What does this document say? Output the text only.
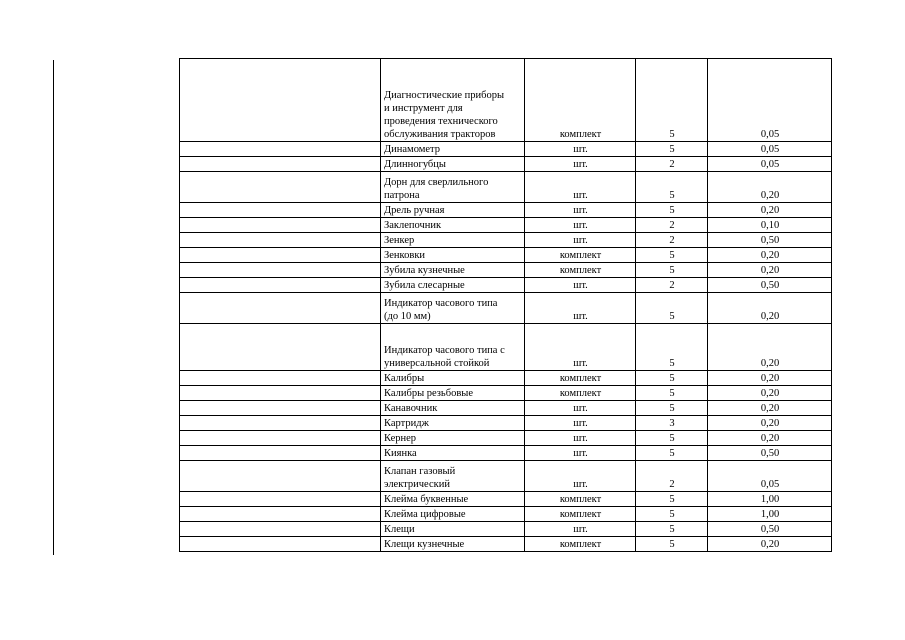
	Диагностические приборы
и инструмент для
проведения технического
обслуживания тракторов	комплект	5	0,05

	Динамометр	шт.	5	0,05

	Длинногубцы	шт.	2	0,05

	Дорн для сверлильного
патрона	шт.	5	0,20

	Дрель ручная	шт.	5	0,20

	Заклепочник	шт.	2	0,10

	Зенкер	шт.	2	0,50

	Зенковки	комплект	5	0,20

	Зубила кузнечные	комплект	5	0,20

	Зубила слесарные	шт.	2	0,50

	Индикатор часового типа
(до 10 мм)	шт.	5	0,20

	Индикатор часового типа с
универсальной стойкой	шт.	5	0,20

	Калибры	комплект	5	0,20

	Калибры резьбовые	комплект	5	0,20

	Канавочник	шт.	5	0,20

	Картридж	шт.	3	0,20

	Кернер	шт.	5	0,20

	Киянка	шт.	5	0,50

	Клапан газовый
электрический	шт.	2	0,05

	Клейма буквенные	комплект	5	1,00

	Клейма цифровые	комплект	5	1,00

	Клещи	шт.	5	0,50

	Клещи кузнечные	комплект	5	0,20
